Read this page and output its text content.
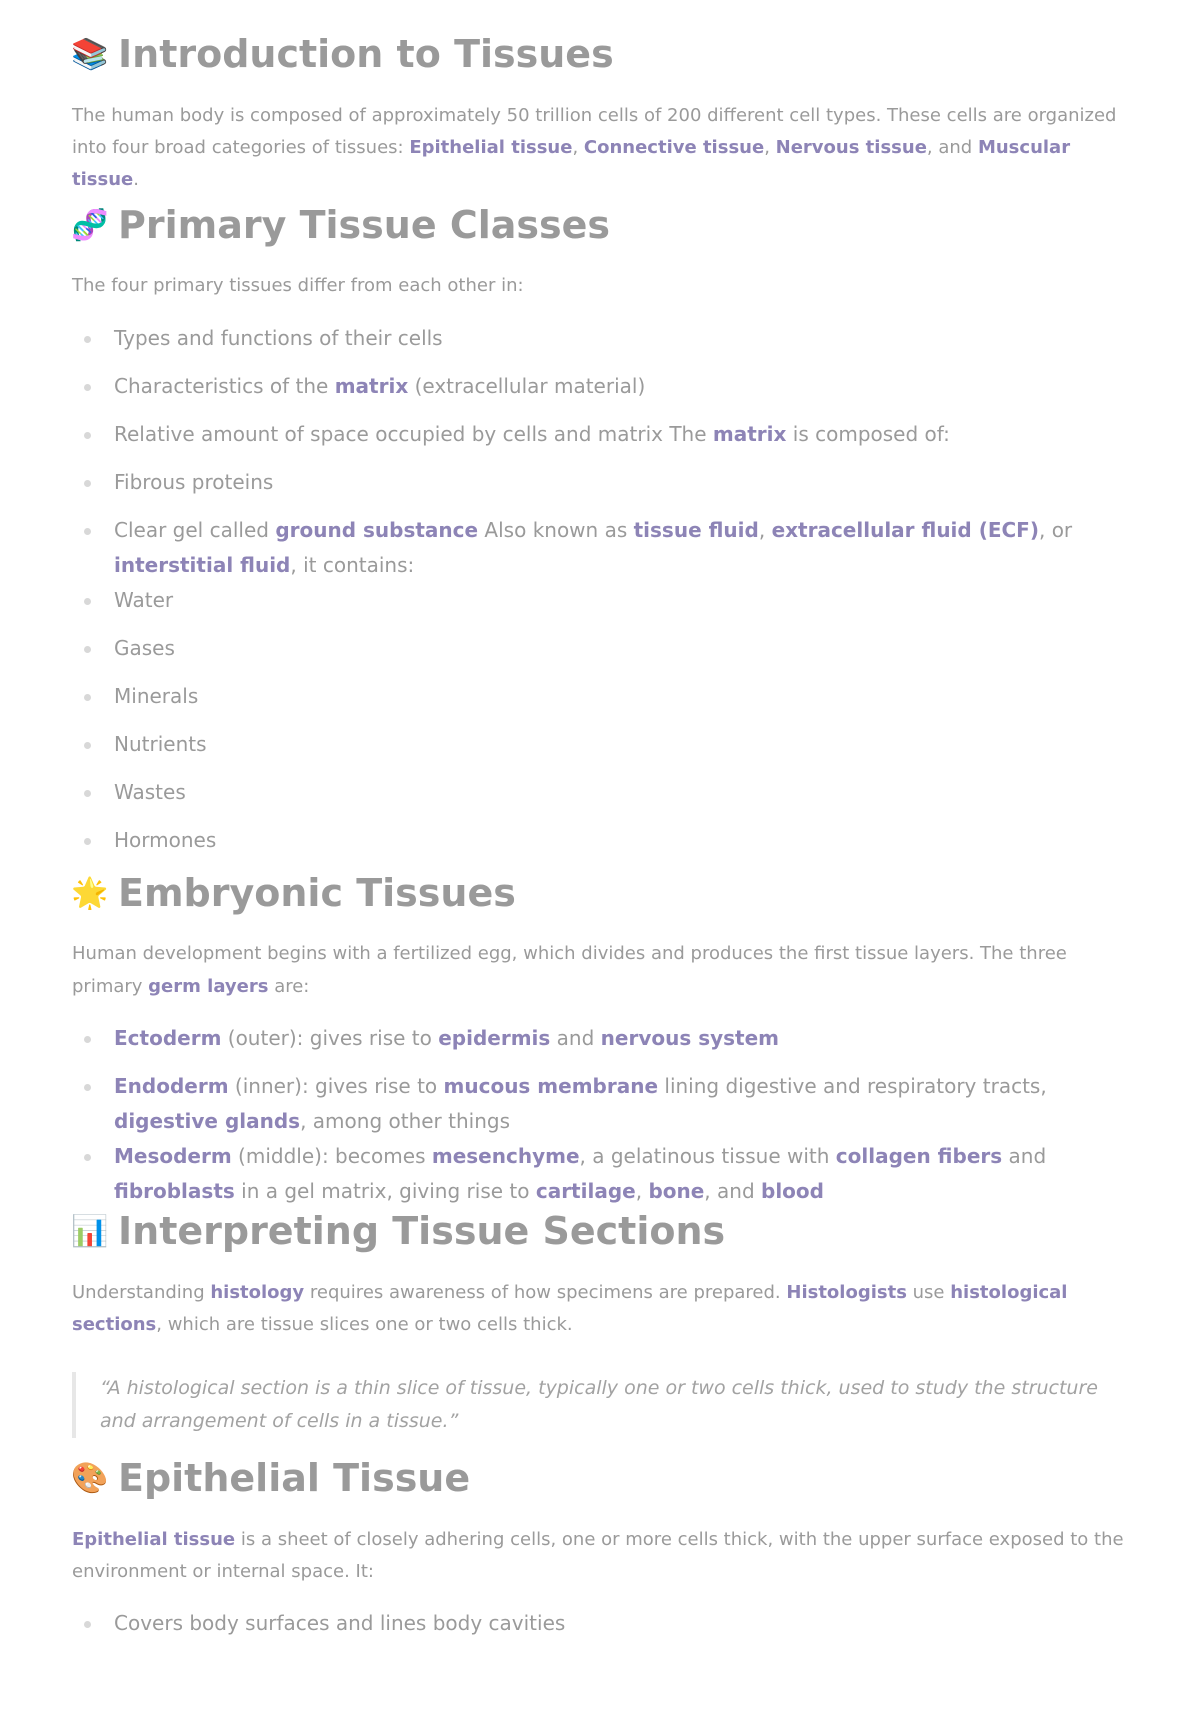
📚 Introduction to Tissues

The human body is composed of approximately 50 trillion cells of 200 different cell types. These cells are organized into four broad categories of tissues: Epithelial tissue, Connective tissue, Nervous tissue, and Muscular tissue.

🧬 Primary Tissue Classes

The four primary tissues differ from each other in:

Types and functions of their cells
Characteristics of the matrix (extracellular material)
Relative amount of space occupied by cells and matrix The matrix is composed of:
Fibrous proteins
Clear gel called ground substance Also known as tissue fluid, extracellular fluid (ECF), or interstitial fluid, it contains:
Water
Gases
Minerals
Nutrients
Wastes
Hormones
🌟 Embryonic Tissues

Human development begins with a fertilized egg, which divides and produces the first tissue layers. The three primary germ layers are:

Ectoderm (outer): gives rise to epidermis and nervous system
Endoderm (inner): gives rise to mucous membrane lining digestive and respiratory tracts, digestive glands, among other things
Mesoderm (middle): becomes mesenchyme, a gelatinous tissue with collagen fibers and fibroblasts in a gel matrix, giving rise to cartilage, bone, and blood
📊 Interpreting Tissue Sections

Understanding histology requires awareness of how specimens are prepared. Histologists use histological sections, which are tissue slices one or two cells thick.

“A histological section is a thin slice of tissue, typically one or two cells thick, used to study the structure and arrangement of cells in a tissue.”
🎨 Epithelial Tissue

Epithelial tissue is a sheet of closely adhering cells, one or more cells thick, with the upper surface exposed to the environment or internal space. It:

Covers body surfaces and lines body cavities
